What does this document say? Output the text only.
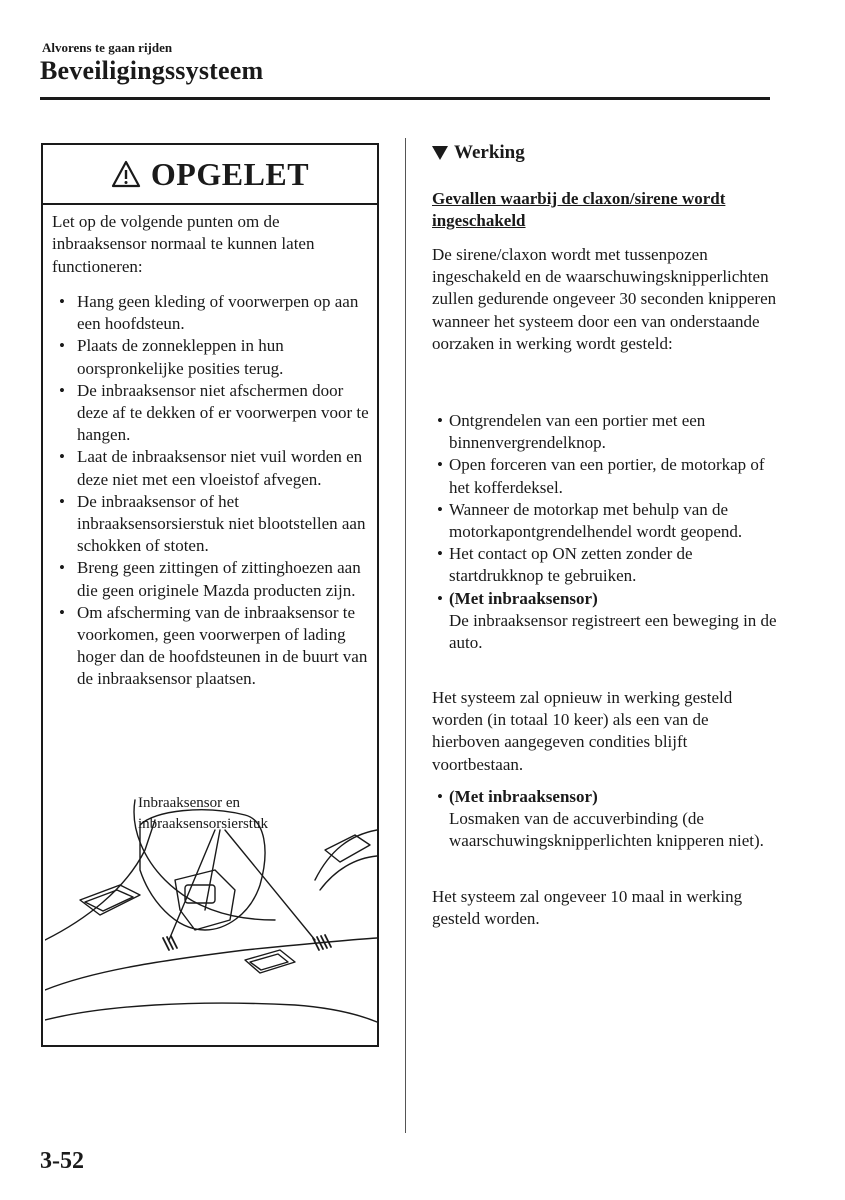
Alvorens te gaan rijden
Beveiligingssysteem
OPGELET
Let op de volgende punten om de inbraaksensor normaal te kunnen laten functioneren:
• Hang geen kleding of voorwerpen op aan een hoofdsteun.
• Plaats de zonnekleppen in hun oorspronkelijke posities terug.
• De inbraaksensor niet afschermen door deze af te dekken of er voorwerpen voor te hangen.
• Laat de inbraaksensor niet vuil worden en deze niet met een vloeistof afvegen.
• De inbraaksensor of het inbraaksensorsierstuk niet blootstellen aan schokken of stoten.
• Breng geen zittingen of zittinghoezen aan die geen originele Mazda producten zijn.
• Om afscherming van de inbraaksensor te voorkomen, geen voorwerpen of lading hoger dan de hoofdsteunen in de buurt van de inbraaksensor plaatsen.
Inbraaksensor en
inbraaksensorsierstuk
Werking
Gevallen waarbij de claxon/sirene wordt ingeschakeld

De sirene/claxon wordt met tussenpozen ingeschakeld en de waarschuwingsknipperlichten zullen gedurende ongeveer 30 seconden knipperen wanneer het systeem door een van onderstaande oorzaken in werking wordt gesteld:

• Ontgrendelen van een portier met een binnenvergrendelknop.
• Open forceren van een portier, de motorkap of het kofferdeksel.
• Wanneer de motorkap met behulp van de motorkapontgrendelhendel wordt geopend.
• Het contact op ON zetten zonder de startdrukknop te gebruiken.
• (Met inbraaksensor)
De inbraaksensor registreert een beweging in de auto.

Het systeem zal opnieuw in werking gesteld worden (in totaal 10 keer) als een van de hierboven aangegeven condities blijft voortbestaan.

• (Met inbraaksensor)
Losmaken van de accuverbinding (de waarschuwingsknipperlichten knipperen niet).

Het systeem zal ongeveer 10 maal in werking gesteld worden.

3-52
